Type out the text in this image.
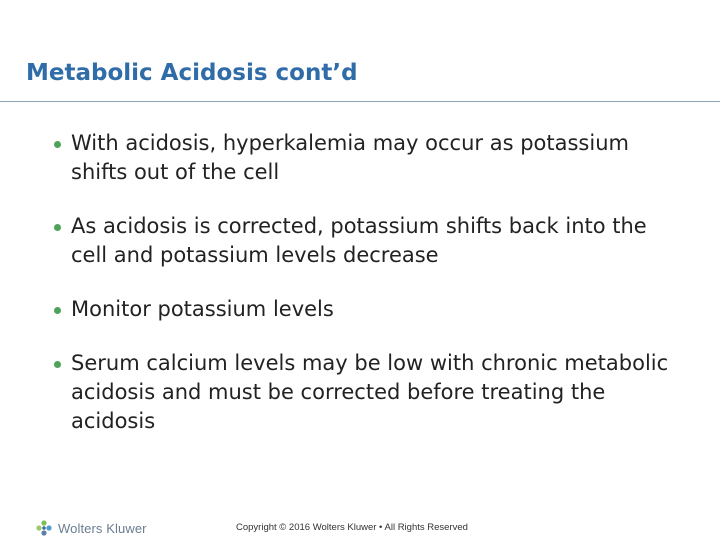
Metabolic Acidosis cont’d
With acidosis, hyperkalemia may occur as potassium shifts out of the cell
As acidosis is corrected, potassium shifts back into the cell and potassium levels decrease
Monitor potassium levels
Serum calcium levels may be low with chronic metabolic acidosis and must be corrected before treating the acidosis
Wolters Kluwer	Copyright © 2016 Wolters Kluwer • All Rights Reserved
